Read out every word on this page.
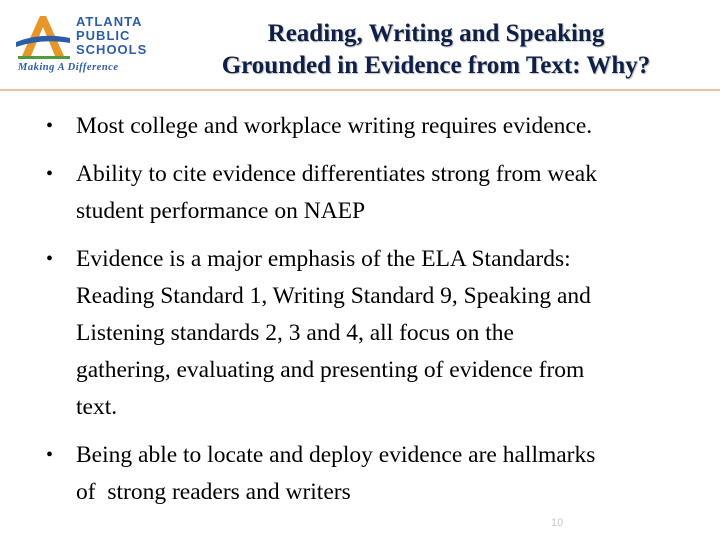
ATLANTA
PUBLIC
SCHOOLS
Making A Difference
Reading, Writing and Speaking
Grounded in Evidence from Text: Why?
• Most college and workplace writing requires evidence.
• Ability to cite evidence differentiates strong from weak
student performance on NAEP
• Evidence is a major emphasis of the ELA Standards:
Reading Standard 1, Writing Standard 9, Speaking and
Listening standards 2, 3 and 4, all focus on the
gathering, evaluating and presenting of evidence from
text.
• Being able to locate and deploy evidence are hallmarks
of  strong readers and writers
10
